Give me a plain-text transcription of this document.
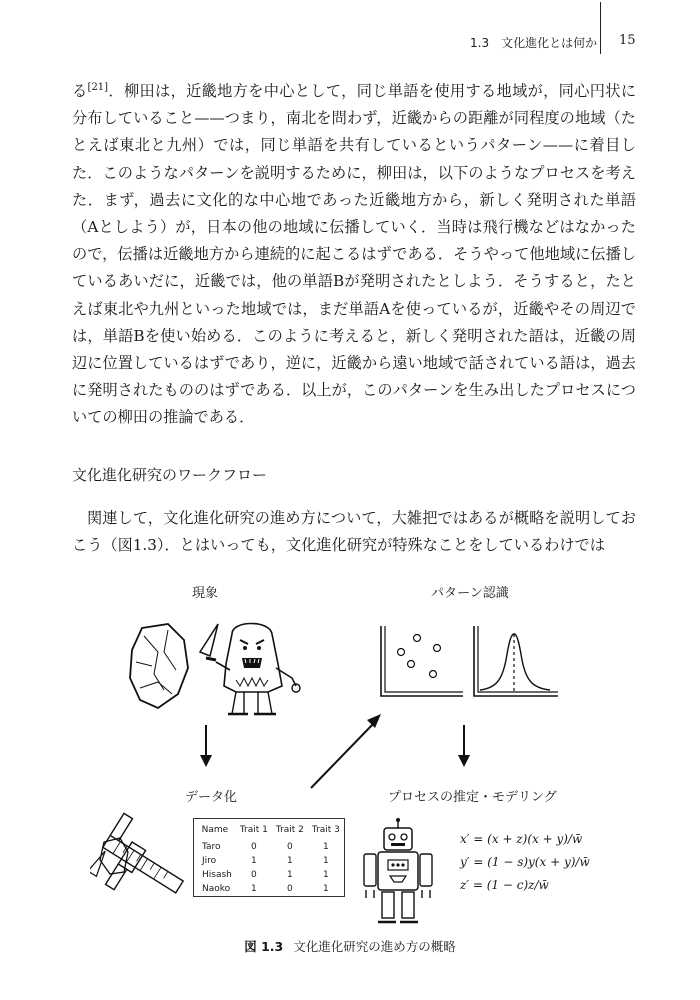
1.3　文化進化とは何か 15

る[21]．柳田は，近畿地方を中心として，同じ単語を使用する地域が，同心円状に分布していること——つまり，南北を問わず，近畿からの距離が同程度の地域（たとえば東北と九州）では，同じ単語を共有しているというパターン——に着目した．このようなパターンを説明するために，柳田は，以下のようなプロセスを考えた．まず，過去に文化的な中心地であった近畿地方から，新しく発明された単語（Aとしよう）が，日本の他の地域に伝播していく．当時は飛行機などはなかったので，伝播は近畿地方から連続的に起こるはずである．そうやって他地域に伝播しているあいだに，近畿では，他の単語Bが発明されたとしよう．そうすると，たとえば東北や九州といった地域では，まだ単語Aを使っているが，近畿やその周辺では，単語Bを使い始める．このように考えると，新しく発明された語は，近畿の周辺に位置しているはずであり，逆に，近畿から遠い地域で話されている語は，過去に発明されたもののはずである．以上が，このパターンを生み出したプロセスについての柳田の推論である．

文化進化研究のワークフロー

関連して，文化進化研究の進め方について，大雑把ではあるが概略を説明しておこう（図1.3）．とはいっても，文化進化研究が特殊なことをしているわけでは

現象	パターン認識
データ化	プロセスの推定・モデリング
Name	Trait 1	Trait 2	Trait 3
Taro	0	0	1
Jiro	1	1	1
Hisash	0	1	1
Naoko	1	0	1
x′ = (x + z)(x + y)/w̄
y′ = (1 − s)y(x + y)/w̄
z′ = (1 − c)z/w̄
図 1.3 文化進化研究の進め方の概略
